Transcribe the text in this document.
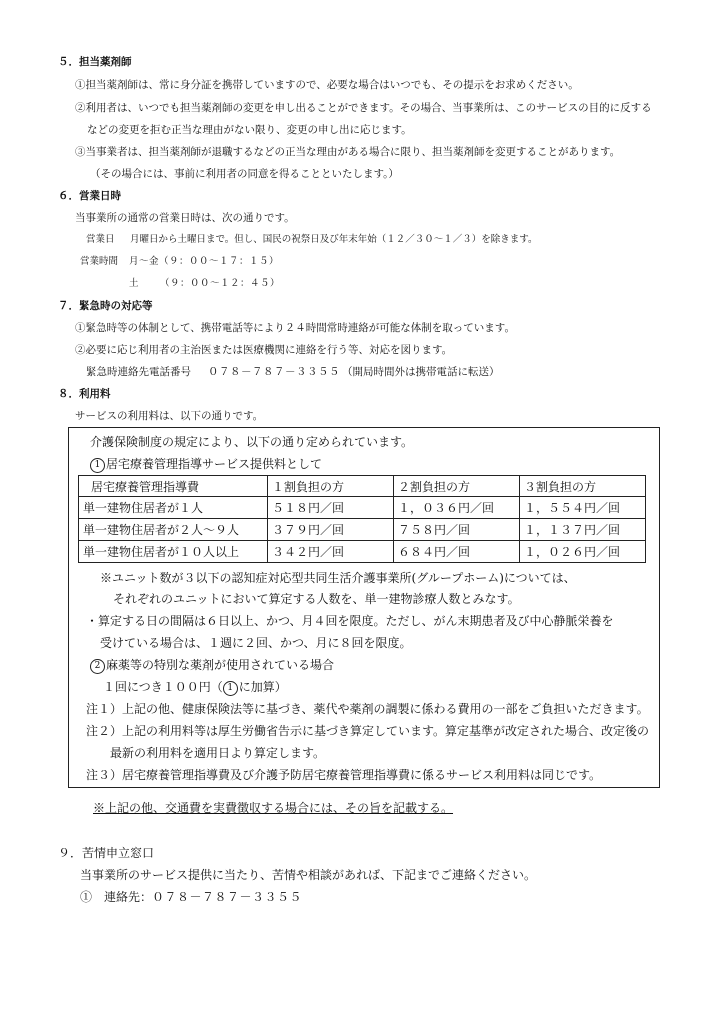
５．担当薬剤師
①担当薬剤師は、常に身分証を携帯していますので、必要な場合はいつでも、その提示をお求めください。
②利用者は、いつでも担当薬剤師の変更を申し出ることができます。その場合、当事業所は、このサービスの目的に反する
などの変更を拒む正当な理由がない限り、変更の申し出に応じます。
③当事業者は、担当薬剤師が退職するなどの正当な理由がある場合に限り、担当薬剤師を変更することがあります。
（その場合には、事前に利用者の同意を得ることといたします。）
６．営業日時
当事業所の通常の営業日時は、次の通りです。
営業日 月曜日から土曜日まで。但し、国民の祝祭日及び年末年始（１２／３０～１／３）を除きます。
営業時間 月～金（９：００～１７：１５）
土 （９：００～１２：４５）
７．緊急時の対応等
①緊急時等の体制として、携帯電話等により２４時間常時連絡が可能な体制を取っています。
②必要に応じ利用者の主治医または医療機関に連絡を行う等、対応を図ります。
緊急時連絡先電話番号 ０７８－７８７－３３５５ （開局時間外は携帯電話に転送）
８．利用料
サービスの利用料は、以下の通りです。
介護保険制度の規定により、以下の通り定められています。
1 居宅療養管理指導サービス提供料として
居宅療養管理指導費	１割負担の方	２割負担の方	３割負担の方
単一建物住居者が１人	５１８円／回	１，０３６円／回	１，５５４円／回
単一建物住居者が２人～９人	３７９円／回	７５８円／回	１，１３７円／回
単一建物住居者が１０人以上	３４２円／回	６８４円／回	１，０２６円／回
※ユニット数が３以下の認知症対応型共同生活介護事業所(グループホーム)については、
それぞれのユニットにおいて算定する人数を、単一建物診療人数とみなす。
・算定する日の間隔は６日以上、かつ、月４回を限度。ただし、がん末期患者及び中心静脈栄養を
受けている場合は、１週に２回、かつ、月に８回を限度。
2 麻薬等の特別な薬剤が使用されている場合
１回につき１００円（ 1 に加算）
注１）上記の他、健康保険法等に基づき、薬代や薬剤の調製に係わる費用の一部をご負担いただきます。
注２）上記の利用料等は厚生労働省告示に基づき算定しています。算定基準が改定された場合、改定後の
最新の利用料を適用日より算定します。
注３）居宅療養管理指導費及び介護予防居宅療養管理指導費に係るサービス利用料は同じです。
※上記の他、交通費を実費徴収する場合には、その旨を記載する。
９．苦情申立窓口
当事業所のサービス提供に当たり、苦情や相談があれば、下記までご連絡ください。
①　連絡先：０７８－７８７－３３５５
